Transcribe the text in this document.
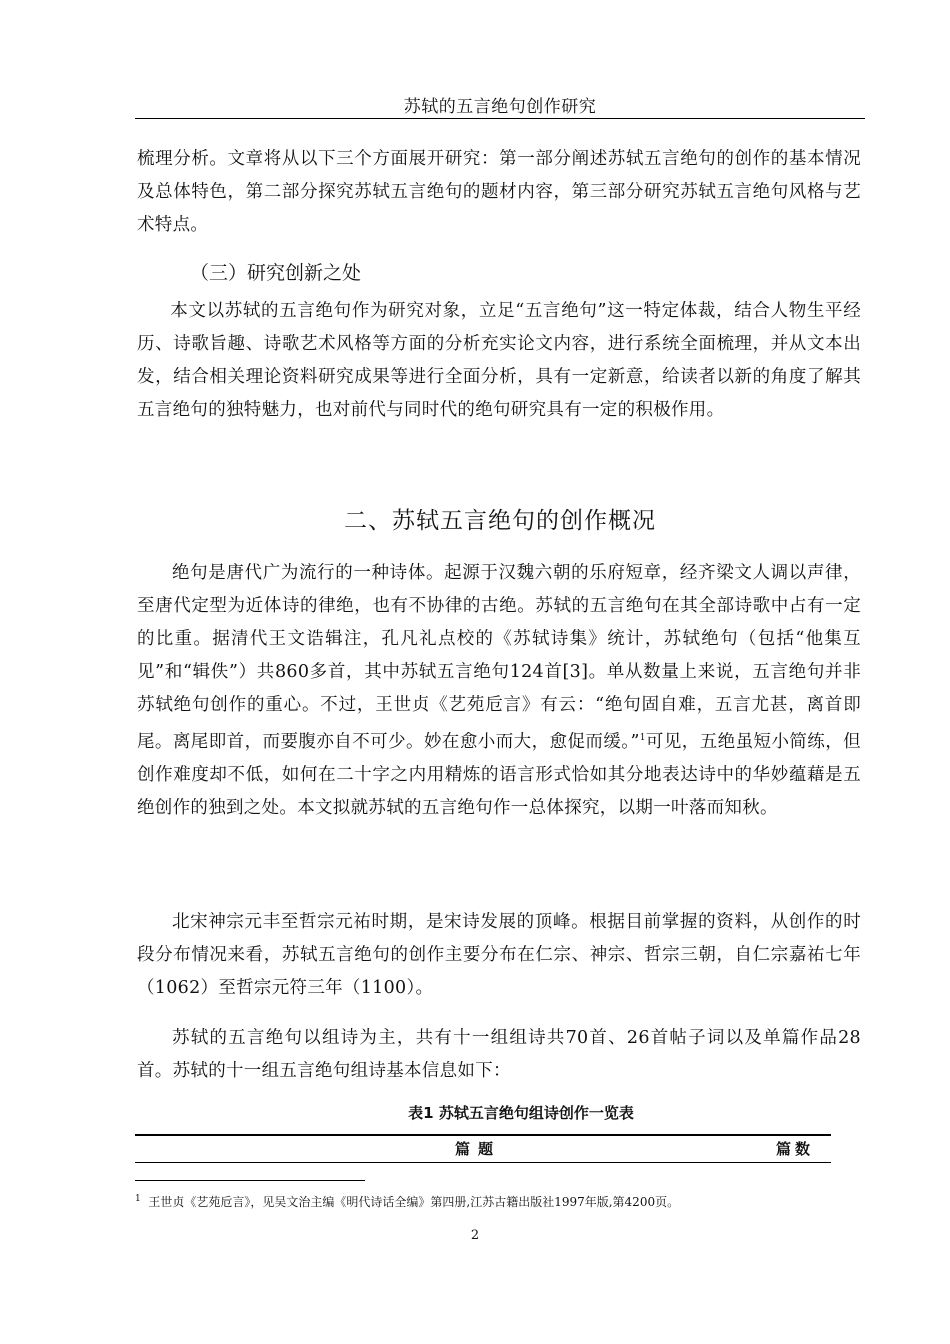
苏轼的五言绝句创作研究

梳理分析。文章将从以下三个方面展开研究：第一部分阐述苏轼五言绝句的创作的基本情况及总体特色，第二部分探究苏轼五言绝句的题材内容，第三部分研究苏轼五言绝句风格与艺术特点。

（三）研究创新之处

本文以苏轼的五言绝句作为研究对象，立足“五言绝句”这一特定体裁，结合人物生平经历、诗歌旨趣、诗歌艺术风格等方面的分析充实论文内容，进行系统全面梳理，并从文本出发，结合相关理论资料研究成果等进行全面分析，具有一定新意，给读者以新的角度了解其五言绝句的独特魅力，也对前代与同时代的绝句研究具有一定的积极作用。

二、苏轼五言绝句的创作概况

绝句是唐代广为流行的一种诗体。起源于汉魏六朝的乐府短章，经齐梁文人调以声律，至唐代定型为近体诗的律绝，也有不协律的古绝。苏轼的五言绝句在其全部诗歌中占有一定的比重。据清代王文诰辑注，孔凡礼点校的《苏轼诗集》统计，苏轼绝句（包括“他集互见”和“辑佚”）共860多首，其中苏轼五言绝句124首[3]。单从数量上来说，五言绝句并非苏轼绝句创作的重心。不过，王世贞《艺苑卮言》有云：“绝句固自难，五言尤甚，离首即尾。离尾即首，而要腹亦自不可少。妙在愈小而大，愈促而缓。”$^1$可见，五绝虽短小简练，但创作难度却不低，如何在二十字之内用精炼的语言形式恰如其分地表达诗中的华妙蕴藉是五绝创作的独到之处。本文拟就苏轼的五言绝句作一总体探究，以期一叶落而知秋。

北宋神宗元丰至哲宗元祐时期，是宋诗发展的顶峰。根据目前掌握的资料，从创作的时段分布情况来看，苏轼五言绝句的创作主要分布在仁宗、神宗、哲宗三朝，自仁宗嘉祐七年（1062）至哲宗元符三年（1100）。

苏轼的五言绝句以组诗为主，共有十一组组诗共70首、26首帖子词以及单篇作品28首。苏轼的十一组五言绝句组诗基本信息如下：

表1 苏轼五言绝句组诗创作一览表
篇题	篇数
$^1$ 王世贞《艺苑卮言》，见吴文治主编《明代诗话全编》第四册,江苏古籍出版社1997年版,第4200页。
2
